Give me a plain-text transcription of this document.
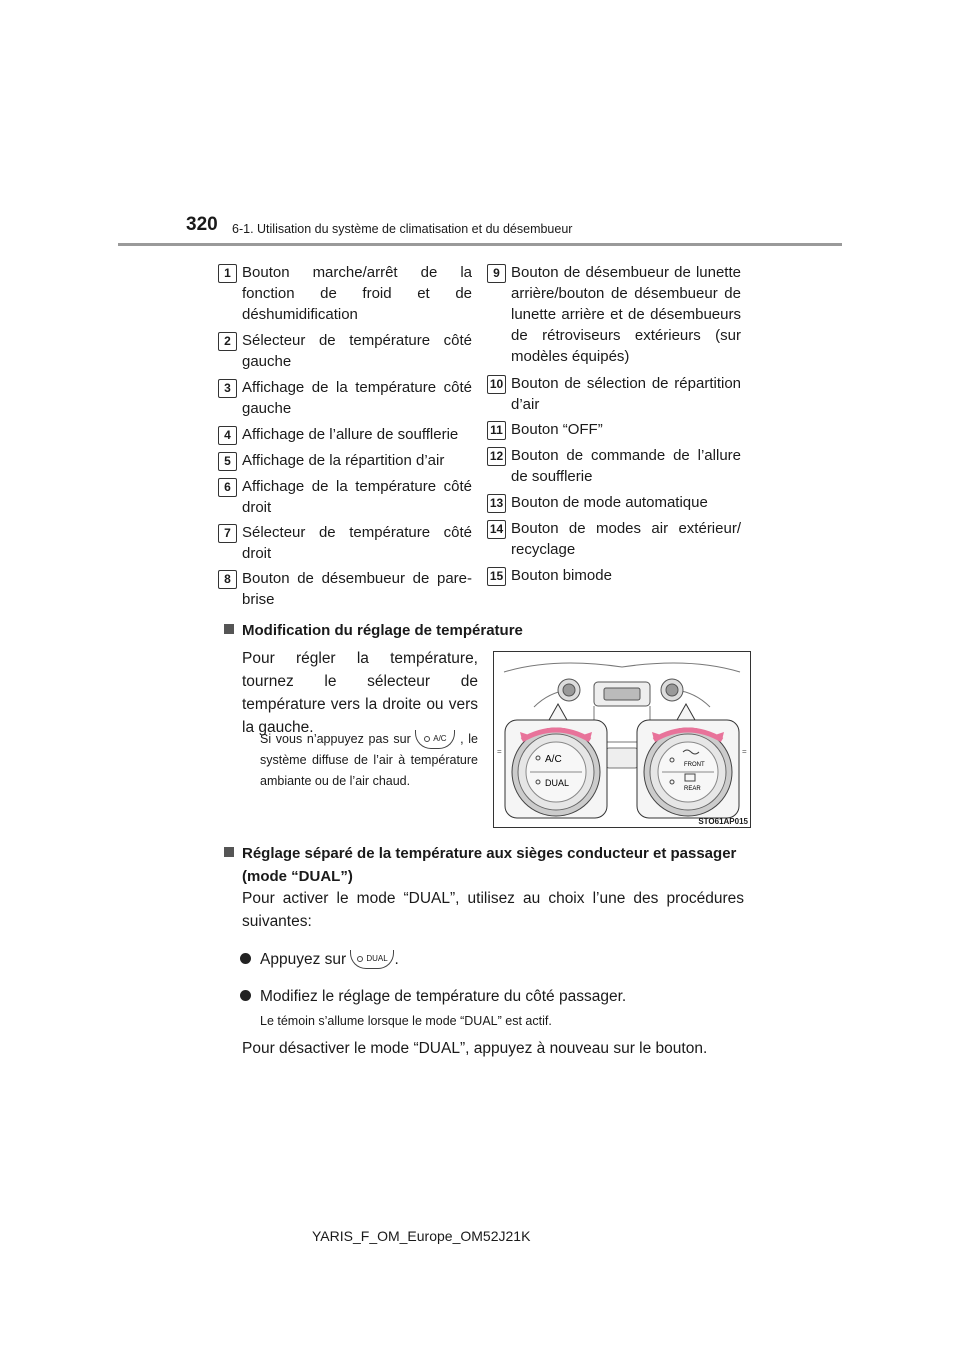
320 6-1. Utilisation du système de climatisation et du désembueur
1 Bouton marche/arrêt de la fonction de froid et de déshumidification
2 Sélecteur de température côté gauche
3 Affichage de la température côté gauche
4 Affichage de l’allure de soufflerie
5 Affichage de la répartition d’air
6 Affichage de la température côté droit
7 Sélecteur de température côté droit
8 Bouton de désembueur de pare-brise
9 Bouton de désembueur de lunette arrière/bouton de désembueur de lunette arrière et de désembueurs de rétroviseurs extérieurs (sur modèles équipés)
10 Bouton de sélection de répartition d’air
11 Bouton “OFF”
12 Bouton de commande de l’allure de soufflerie
13 Bouton de mode automatique
14 Bouton de modes air extérieur/ recyclage
15 Bouton bimode
Modification du réglage de température
Pour régler la température, tournez le sélecteur de température vers la droite ou vers la gauche.
Si vous n’appuyez pas sur	A/C , le système diffuse de l’air à température ambiante ou de l’air chaud.
A/C
DUAL
FRONT
REAR
=	=
STO61AP015
Réglage séparé de la température aux sièges conducteur et passager (mode “DUAL”)
Pour activer le mode “DUAL”, utilisez au choix l’une des procédures suivantes:
Appuyez sur	DUAL .
Modifiez le réglage de température du côté passager.
Le témoin s’allume lorsque le mode “DUAL” est actif.
Pour désactiver le mode “DUAL”, appuyez à nouveau sur le bouton.
YARIS_F_OM_Europe_OM52J21K
